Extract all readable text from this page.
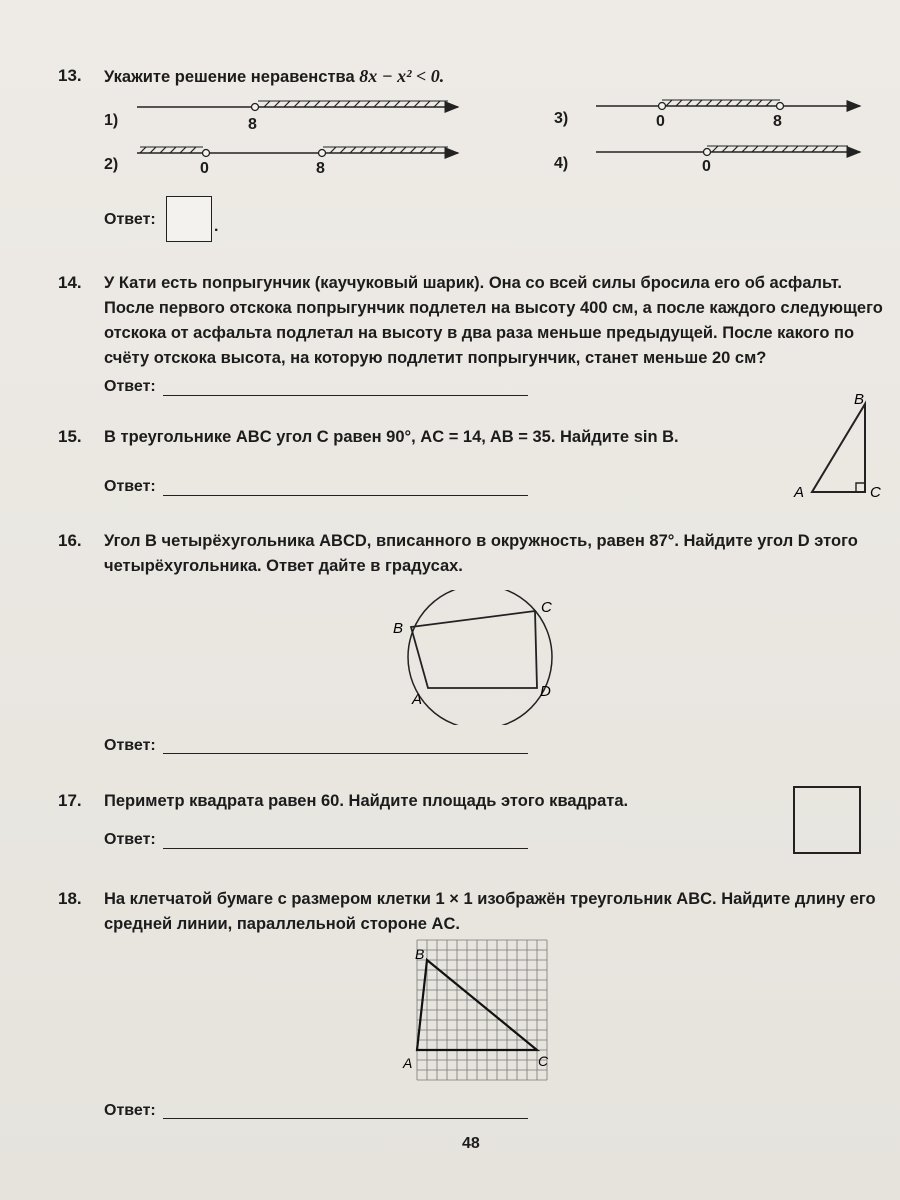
13. Укажите решение неравенства 8x − x² < 0.
1)	8
2)	0	8
3)	0	8
4)	0
Ответ:	.
14. У Кати есть попрыгунчик (каучуковый шарик). Она со всей силы бросила его об асфальт. После первого отскока попрыгунчик подлетел на высоту 400 см, а после каждого следующего отскока от асфальта подлетал на высоту в два раза меньше предыдущей. После какого по счёту отскока высота, на которую подлетит попрыгунчик, станет меньше 20 см?
Ответ:
15. В треугольнике ABC угол C равен 90°, AC = 14, AB = 35. Найдите sin B.
Ответ:	A
B
C
16. Угол B четырёхугольника ABCD, вписанного в окружность, равен 87°. Найдите угол D этого четырёхугольника. Ответ дайте в градусах.
B
C
D
A
Ответ:
17. Периметр квадрата равен 60. Найдите площадь этого квадрата.
Ответ:
18. На клетчатой бумаге с размером клетки 1 × 1 изображён треугольник ABC. Найдите длину его средней линии, параллельной стороне AC.
A
B
C
Ответ:
48
